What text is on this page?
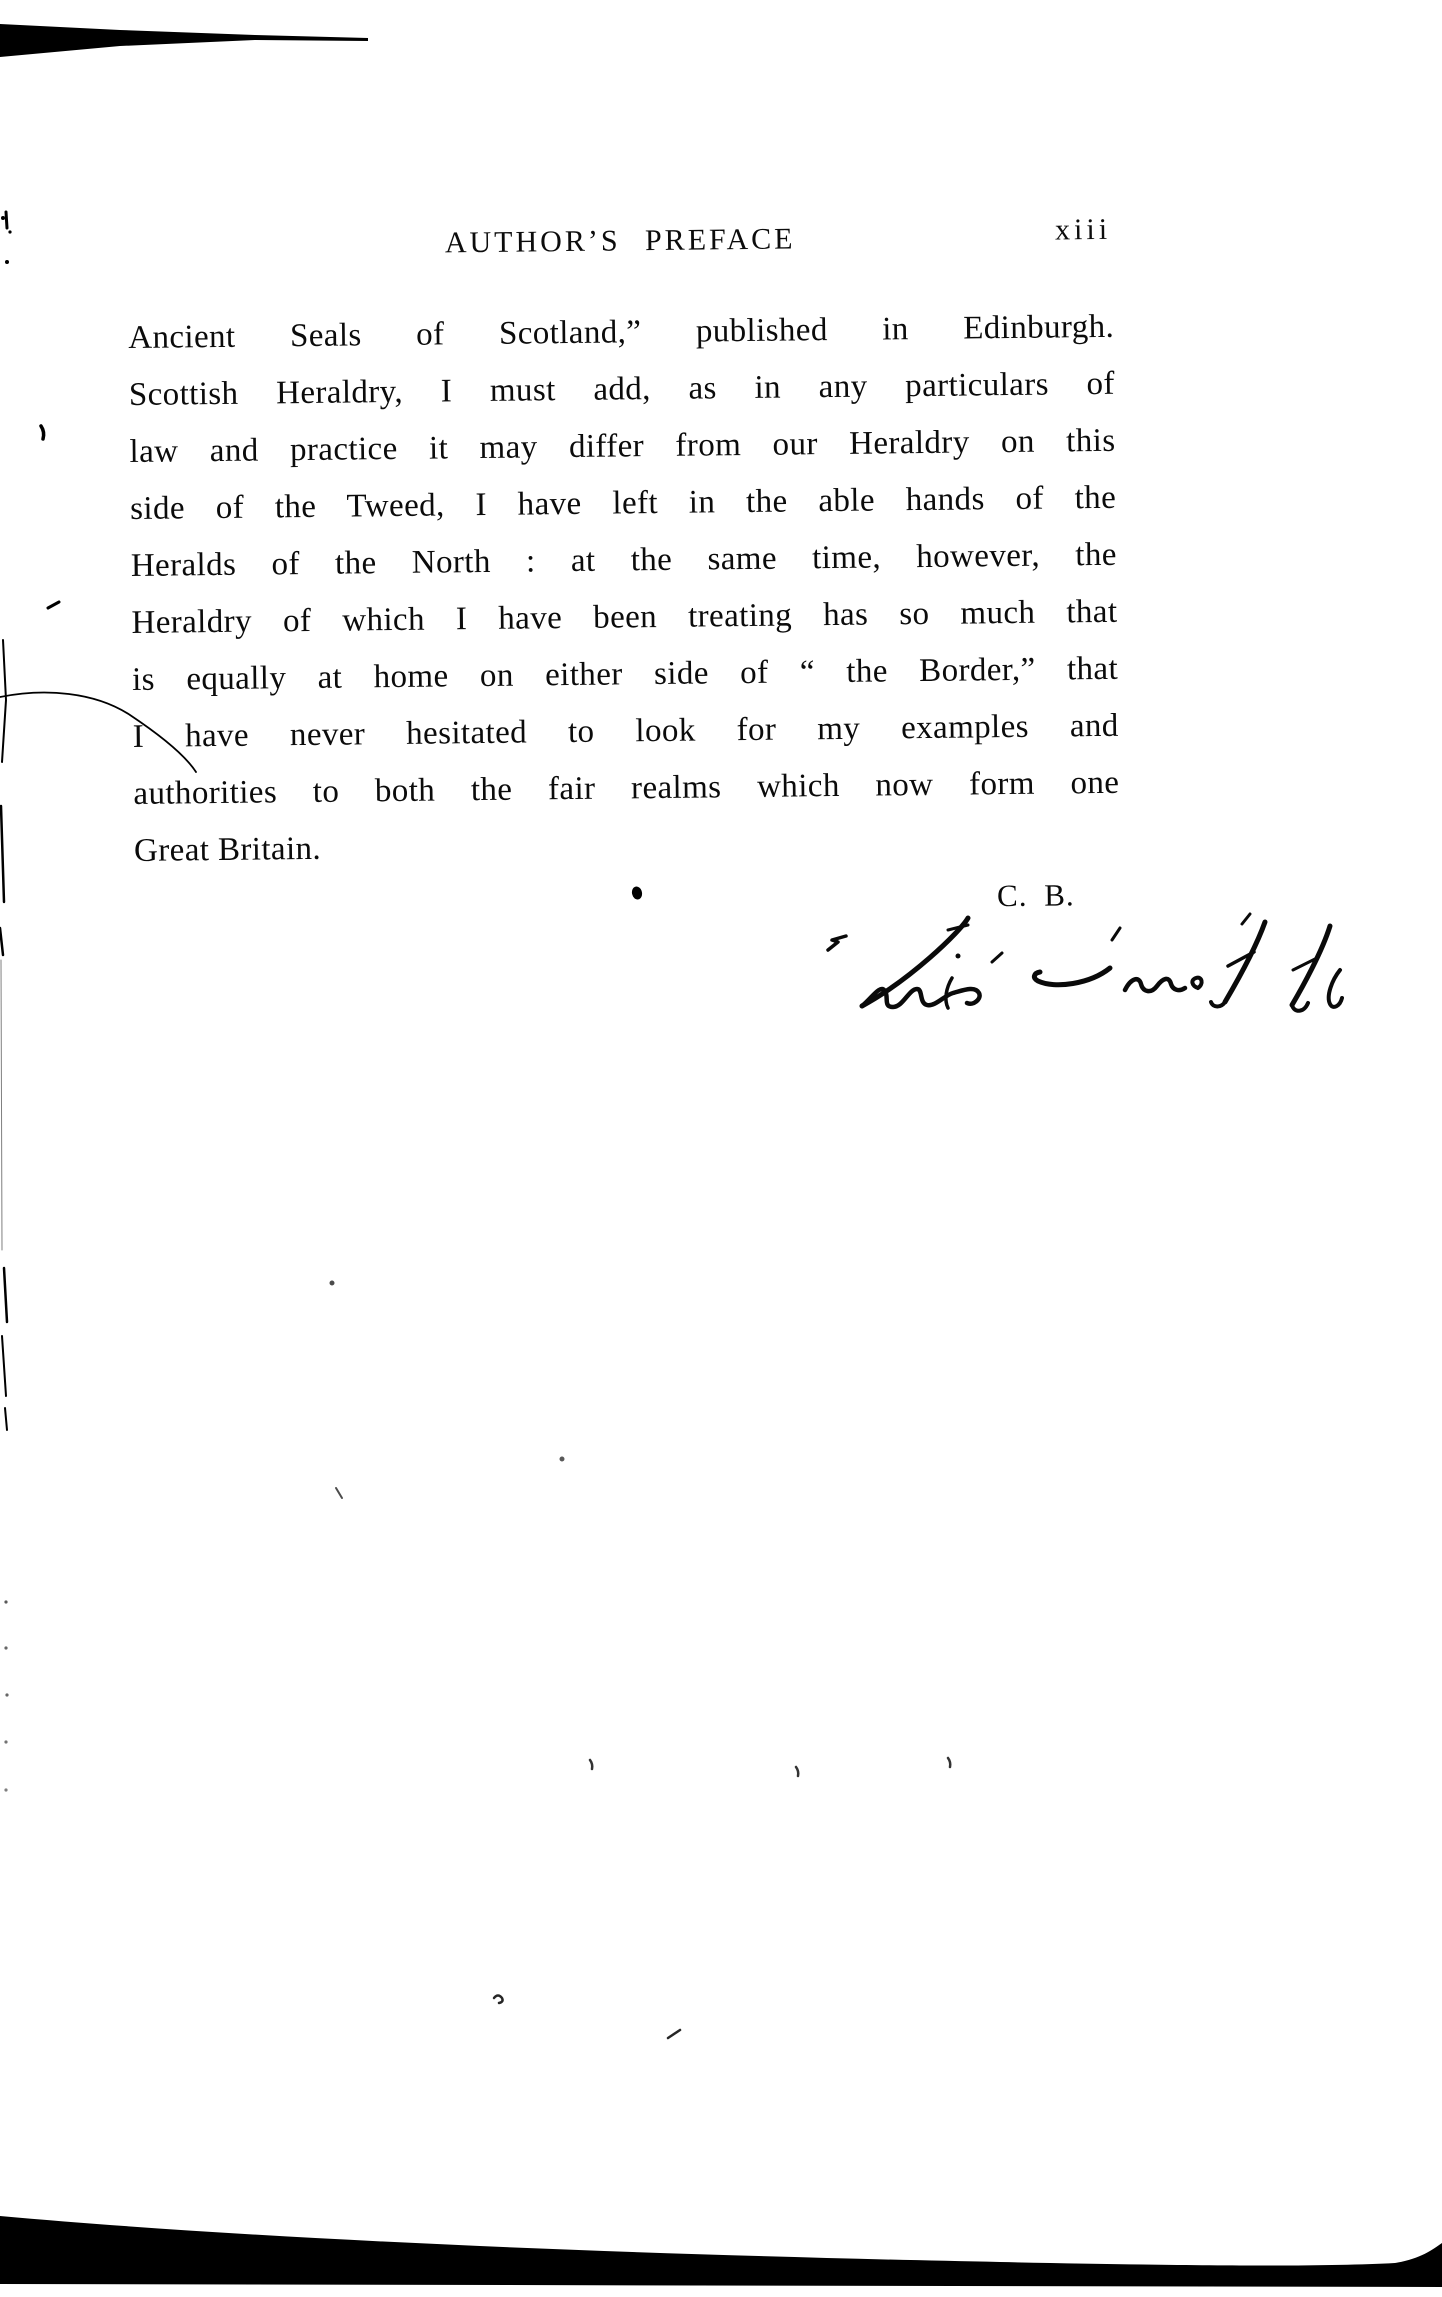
AUTHOR’S PREFACE	xiii
Ancient Seals of Scotland,” published in Edinburgh.
Scottish Heraldry, I must add, as in any particulars of
law and practice it may differ from our Heraldry on this
side of the Tweed, I have left in the able hands of the
Heralds of the North : at the same time, however, the
Heraldry of which I have been treating has so much that
is equally at home on either side of “ the Border,” that
I have never hesitated to look for my examples and
authorities to both the fair realms which now form one
Great Britain.
C. B.
